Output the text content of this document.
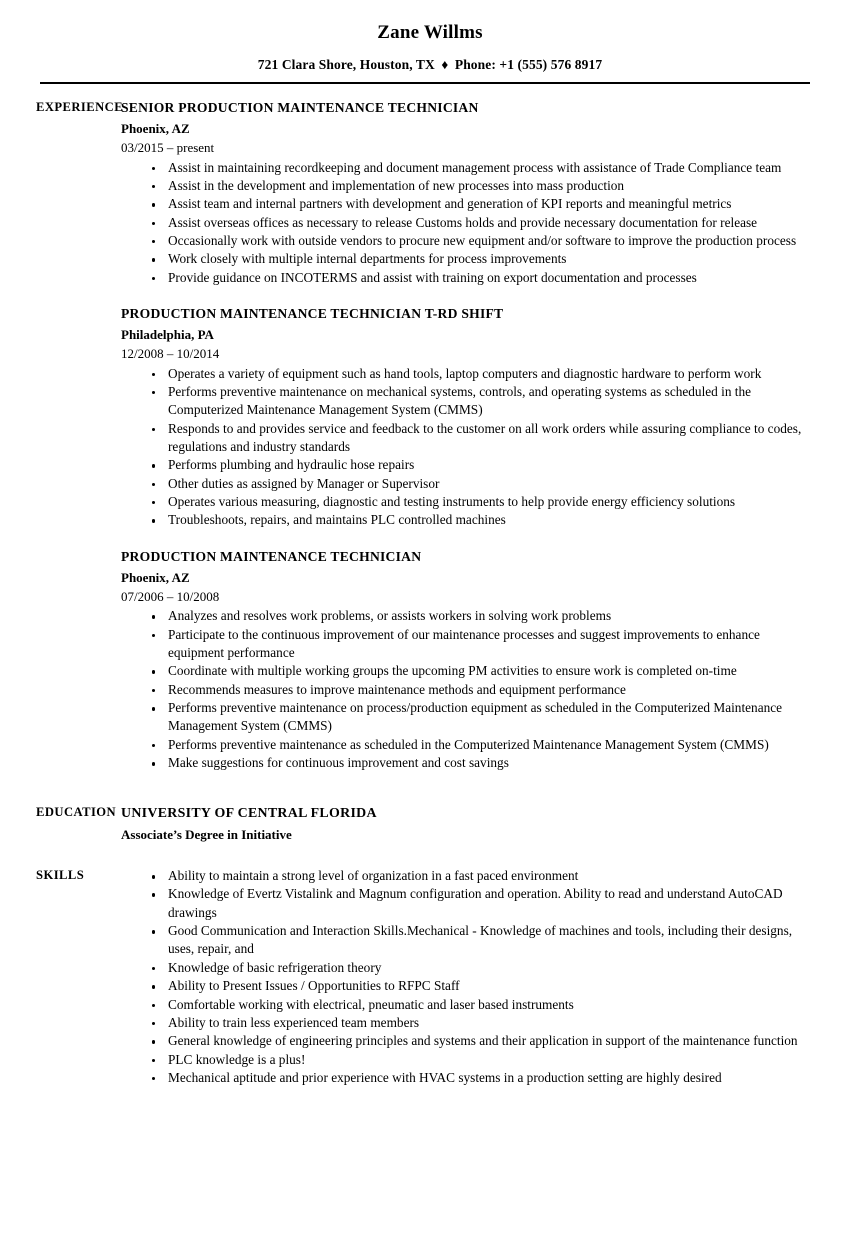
Zane Willms
721 Clara Shore, Houston, TX ♦ Phone: +1 (555) 576 8917
EXPERIENCE
SENIOR PRODUCTION MAINTENANCE TECHNICIAN
Phoenix, AZ
03/2015 – present
Assist in maintaining recordkeeping and document management process with assistance of Trade Compliance team
Assist in the development and implementation of new processes into mass production
Assist team and internal partners with development and generation of KPI reports and meaningful metrics
Assist overseas offices as necessary to release Customs holds and provide necessary documentation for release
Occasionally work with outside vendors to procure new equipment and/or software to improve the production process
Work closely with multiple internal departments for process improvements
Provide guidance on INCOTERMS and assist with training on export documentation and processes
PRODUCTION MAINTENANCE TECHNICIAN T-RD SHIFT
Philadelphia, PA
12/2008 – 10/2014
Operates a variety of equipment such as hand tools, laptop computers and diagnostic hardware to perform work
Performs preventive maintenance on mechanical systems, controls, and operating systems as scheduled in the Computerized Maintenance Management System (CMMS)
Responds to and provides service and feedback to the customer on all work orders while assuring compliance to codes, regulations and industry standards
Performs plumbing and hydraulic hose repairs
Other duties as assigned by Manager or Supervisor
Operates various measuring, diagnostic and testing instruments to help provide energy efficiency solutions
Troubleshoots, repairs, and maintains PLC controlled machines
PRODUCTION MAINTENANCE TECHNICIAN
Phoenix, AZ
07/2006 – 10/2008
Analyzes and resolves work problems, or assists workers in solving work problems
Participate to the continuous improvement of our maintenance processes and suggest improvements to enhance equipment performance
Coordinate with multiple working groups the upcoming PM activities to ensure work is completed on-time
Recommends measures to improve maintenance methods and equipment performance
Performs preventive maintenance on process/production equipment as scheduled in the Computerized Maintenance Management System (CMMS)
Performs preventive maintenance as scheduled in the Computerized Maintenance Management System (CMMS)
Make suggestions for continuous improvement and cost savings
EDUCATION UNIVERSITY OF CENTRAL FLORIDA
Associate’s Degree in Initiative
SKILLS	Ability to maintain a strong level of organization in a fast paced environment
Knowledge of Evertz Vistalink and Magnum configuration and operation. Ability to read and understand AutoCAD drawings
Good Communication and Interaction Skills.Mechanical - Knowledge of machines and tools, including their designs, uses, repair, and
Knowledge of basic refrigeration theory
Ability to Present Issues / Opportunities to RFPC Staff
Comfortable working with electrical, pneumatic and laser based instruments
Ability to train less experienced team members
General knowledge of engineering principles and systems and their application in support of the maintenance function
PLC knowledge is a plus!
Mechanical aptitude and prior experience with HVAC systems in a production setting are highly desired
